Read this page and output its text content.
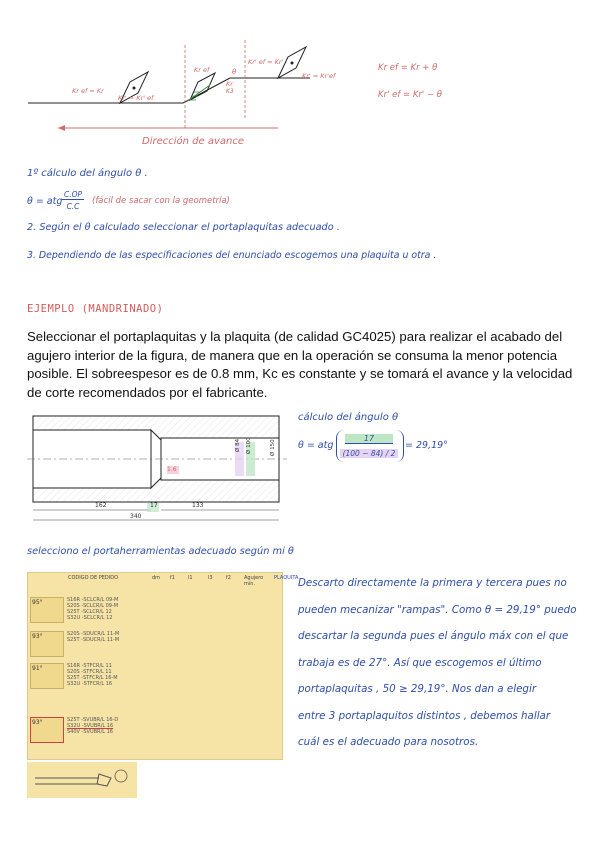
Kr ef = Kr
Kr' = Kr' ef
Kr ef
Kr
Kr' ef = Kr'
Kr' = Kr'ef
K3
θ	Kr ef = Kr + θ
Kr' ef = Kr' − θ
Dirección de avance
1º cálculo del ángulo θ .
θ = atg
C.OP
C.C
(fácil de sacar con la geometría)
2. Según el θ calculado seleccionar el portaplaquitas adecuado .
3. Dependiendo de las especificaciones del enunciado escogemos una plaquita u otra .
EJEMPLO (MANDRINADO)
Seleccionar el portaplaquitas y la plaquita (de calidad GC4025) para realizar el acabado del agujero interior de la figura, de manera que en la operación se consuma la menor potencia posible. El sobreespesor es de 0.8 mm, Kc es constante y se tomará el avance y la velocidad de corte recomendados por el fabricante.
162	17	133
340
Ø 84 Ø 100	Ø 150
1.6
cálculo del ángulo θ
θ = atg
17
(100 − 84) / 2
= 29,19°
selecciono el portaherramientas adecuado según mi θ
CODIGO DE PEDIDO	dm f1	l1	l3	f2	Agujero mín.
PLAQUITA
95°	S16R -SCLCR/L 09-M
S20S -SCLCR/L 09-M
S25T -SCLCR/L 12
S32U -SCLCR/L 12
93°	S20S -SDUCR/L 11-M
S25T -SDUCR/L 11-M
91°	S16R -STFCR/L 11
S20S -STFCR/L 11
S25T -STFCR/L 16-M
S32U -STFCR/L 16
93°	S25T -SVUBR/L 16-D
S32U -SVUBR/L 16
S40V -SVUBR/L 16

Descarto directamente la primera y tercera pues no

pueden mecanizar "rampas". Como θ = 29,19° puedo

descartar la segunda pues el ángulo máx con el que

trabaja es de 27°. Así que escogemos el último

portaplaquitas , 50 ≥ 29,19°. Nos dan a elegir

entre 3 portaplaquitos distintos , debemos hallar

cuál es el adecuado para nosotros.
